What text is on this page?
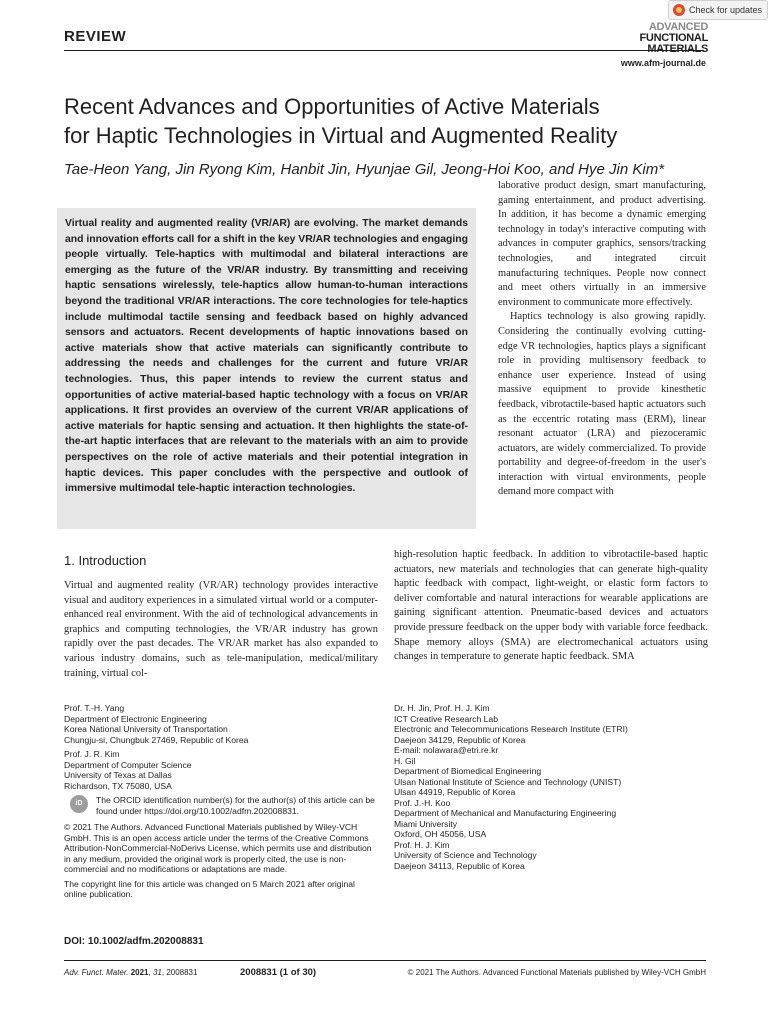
REVIEW
Check for updates
ADVANCED
FUNCTIONAL
MATERIALS
www.afm-journal.de
Recent Advances and Opportunities of Active Materials
for Haptic Technologies in Virtual and Augmented Reality
Tae-Heon Yang, Jin Ryong Kim, Hanbit Jin, Hyunjae Gil, Jeong-Hoi Koo, and Hye Jin Kim*

Virtual reality and augmented reality (VR/AR) are evolving. The market demands and innovation efforts call for a shift in the key VR/AR technologies and engaging people virtually. Tele-haptics with multimodal and bilateral interactions are emerging as the future of the VR/AR industry. By transmitting and receiving haptic sensations wirelessly, tele-haptics allow human-to-human interactions beyond the traditional VR/AR interactions. The core technologies for tele-haptics include multimodal tactile sensing and feedback based on highly advanced sensors and actuators. Recent developments of haptic innovations based on active materials show that active materials can significantly contribute to addressing the needs and challenges for the current and future VR/AR technologies. Thus, this paper intends to review the current status and opportunities of active material-based haptic technology with a focus on VR/AR applications. It first provides an overview of the current VR/AR applications of active materials for haptic sensing and actuation. It then highlights the state-of-the-art haptic interfaces that are relevant to the materials with an aim to provide perspectives on the role of active materials and their potential integration in haptic devices. This paper concludes with the perspective and outlook of immersive multimodal tele-haptic interaction technologies.

laborative product design, smart manufacturing, gaming entertainment, and product advertising. In addition, it has become a dynamic emerging technology in today's interactive computing with advances in computer graphics, sensors/tracking technologies, and integrated circuit manufacturing techniques. People now connect and meet others virtually in an immersive environment to communicate more effectively.

Haptics technology is also growing rapidly. Considering the continually evolving cutting-edge VR technologies, haptics plays a significant role in providing multisensory feedback to enhance user experience. Instead of using massive equipment to provide kinesthetic feedback, vibrotactile-based haptic actuators such as the eccentric rotating mass (ERM), linear resonant actuator (LRA) and piezoceramic actuators, are widely commercialized. To provide portability and degree-of-freedom in the user's interaction with virtual environments, people demand more compact with

1. Introduction

Virtual and augmented reality (VR/AR) technology provides interactive visual and auditory experiences in a simulated virtual world or a computer-enhanced real environment. With the aid of technological advancements in graphics and computing technologies, the VR/AR industry has grown rapidly over the past decades. The VR/AR market has also expanded to various industry domains, such as tele-manipulation, medical/military training, virtual col-

high-resolution haptic feedback. In addition to vibrotactile-based haptic actuators, new materials and technologies that can generate high-quality haptic feedback with compact, light-weight, or elastic form factors to deliver comfortable and natural interactions for wearable applications are gaining significant attention. Pneumatic-based devices and actuators provide pressure feedback on the upper body with variable force feedback. Shape memory alloys (SMA) are electromechanical actuators using changes in temperature to generate haptic feedback. SMA

Prof. T.-H. Yang
Department of Electronic Engineering
Korea National University of Transportation
Chungju-si, Chungbuk 27469, Republic of Korea
Prof. J. R. Kim
Department of Computer Science
University of Texas at Dallas
Richardson, TX 75080, USA
iD	The ORCID identification number(s) for the author(s) of this article can be found under https://doi.org/10.1002/adfm.202008831.
© 2021 The Authors. Advanced Functional Materials published by Wiley-VCH GmbH. This is an open access article under the terms of the Creative Commons Attribution-NonCommercial-NoDerivs License, which permits use and distribution in any medium, provided the original work is properly cited, the use is non-commercial and no modifications or adaptations are made.
The copyright line for this article was changed on 5 March 2021 after original online publication.
DOI: 10.1002/adfm.202008831
Dr. H. Jin, Prof. H. J. Kim
ICT Creative Research Lab
Electronic and Telecommunications Research Institute (ETRI)
Daejeon 34129, Republic of Korea
E-mail: nolawara@etri.re.kr
H. Gil
Department of Biomedical Engineering
Ulsan National Institute of Science and Technology (UNIST)
Ulsan 44919, Republic of Korea
Prof. J.-H. Koo
Department of Mechanical and Manufacturing Engineering
Miami University
Oxford, OH 45056, USA
Prof. H. J. Kim
University of Science and Technology
Daejeon 34113, Republic of Korea
Adv. Funct. Mater. 2021, 31, 2008831	2008831 (1 of 30)	© 2021 The Authors. Advanced Functional Materials published by Wiley-VCH GmbH
